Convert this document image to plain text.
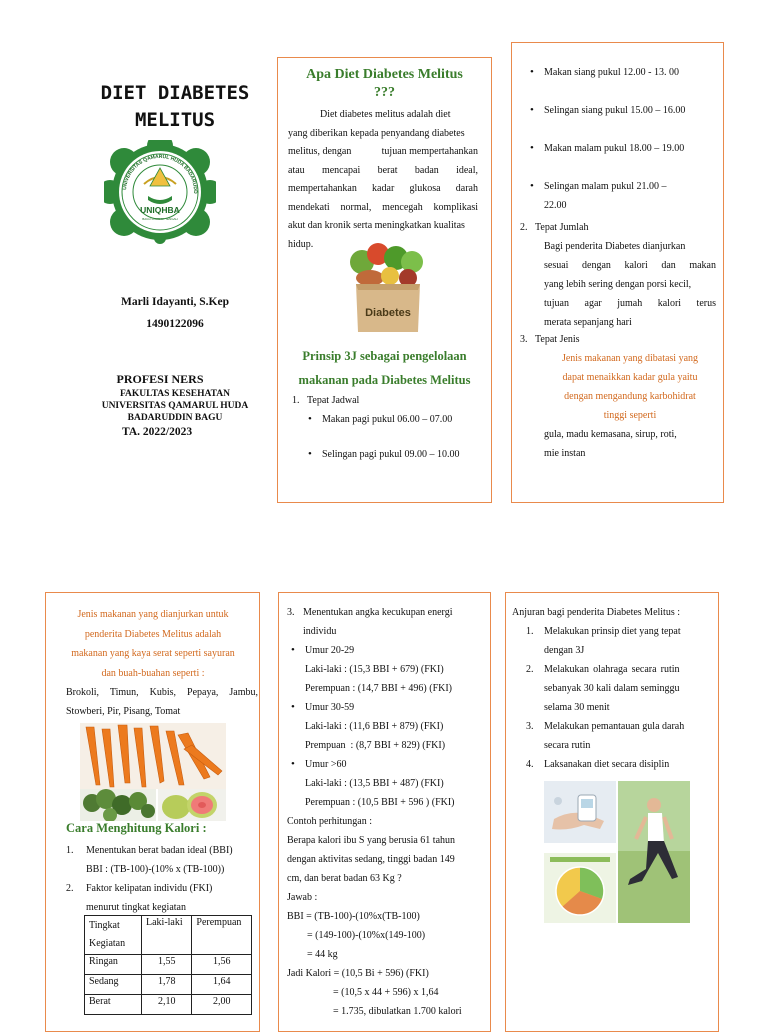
DIET DIABETES
MELITUS
UNIQHBA
BAGU LOMBOK TENGAH
UNIVERSITAS QAMARUL HUDA BADARUDD
Marli Idayanti, S.Kep
1490122096
PROFESI NERS
FAKULTAS KESEHATAN
UNIVERSITAS QAMARUL HUDA
BADARUDDIN BAGU
TA. 2022/2023
Apa Diet Diabetes Melitus
???
Diet diabetes melitus adalah diet
yang diberikan kepada penyandang diabetes
melitus, dengan	tujuan mempertahankan
atau mencapai berat badan ideal,
mempertahankan kadar glukosa darah
mendekati normal, mencegah komplikasi
akut dan kronik serta meningkatkan kualitas
hidup.
Diabetes
Prinsip 3J sebagai pengelolaan
makanan pada Diabetes Melitus
1. Tepat Jadwal
• Makan pagi pukul 06.00 – 07.00
• Selingan pagi pukul 09.00 – 10.00
• Makan siang pukul 12.00 - 13. 00
• Selingan siang pukul 15.00 – 16.00
• Makan malam pukul 18.00 – 19.00
• Selingan malam pukul 21.00 –
22.00
2. Tepat Jumlah
Bagi penderita Diabetes dianjurkan
sesuai dengan kalori dan makan
yang lebih sering dengan porsi kecil,
tujuan agar jumah kalori terus
merata sepanjang hari
3. Tepat Jenis
Jenis makanan yang dibatasi yang
dapat menaikkan kadar gula yaitu
dengan mengandung karbohidrat
tinggi seperti
gula, madu kemasana, sirup, roti,
mie instan
Jenis makanan yang dianjurkan untuk
penderita Diabetes Melitus adalah
makanan yang kaya serat seperti sayuran
dan buah-buahan seperti :
Brokoli, Timun, Kubis, Pepaya, Jambu,
Stowberi, Pir, Pisang, Tomat
Cara Menghitung Kalori :
1.	Menentukan berat badan ideal (BBI)
BBI : (TB-100)-(10% x (TB-100))
2.	Faktor kelipatan individu (FKI)
menurut tingkat kegiatan
Tingkat Kegiatan	Laki-laki	Perempuan
Ringan	1,55	1,56
Sedang	1,78	1,64
Berat	2,10	2,00
3. Menentukan angka kecukupan energi
individu
• Umur 20-29
Laki-laki : (15,3 BBI + 679) (FKI)
Perempuan : (14,7 BBI + 496) (FKI)
• Umur 30-59
Laki-laki : (11,6 BBI + 879) (FKI)
Prempuan  : (8,7 BBI + 829) (FKI)
• Umur >60
Laki-laki : (13,5 BBI + 487) (FKI)
Perempuan : (10,5 BBI + 596 ) (FKI)
Contoh perhitungan :
Berapa kalori ibu S yang berusia 61 tahun
dengan aktivitas sedang, tinggi badan 149
cm, dan berat badan 63 Kg ?
Jawab :
BBI = (TB-100)-(10%x(TB-100)
= (149-100)-(10%x(149-100)
= 44 kg
Jadi Kalori = (10,5 Bi + 596) (FKI)
= (10,5 x 44 + 596) x 1,64
= 1.735, dibulatkan 1.700 kalori
Anjuran bagi penderita Diabetes Melitus :
1.	Melakukan prinsip diet yang tepat
dengan 3J
2.	Melakukan olahraga secara rutin
sebanyak 30 kali dalam seminggu
selama 30 menit
3.	Melakukan pemantauan gula darah
secara rutin
4.	Laksanakan diet secara disiplin
